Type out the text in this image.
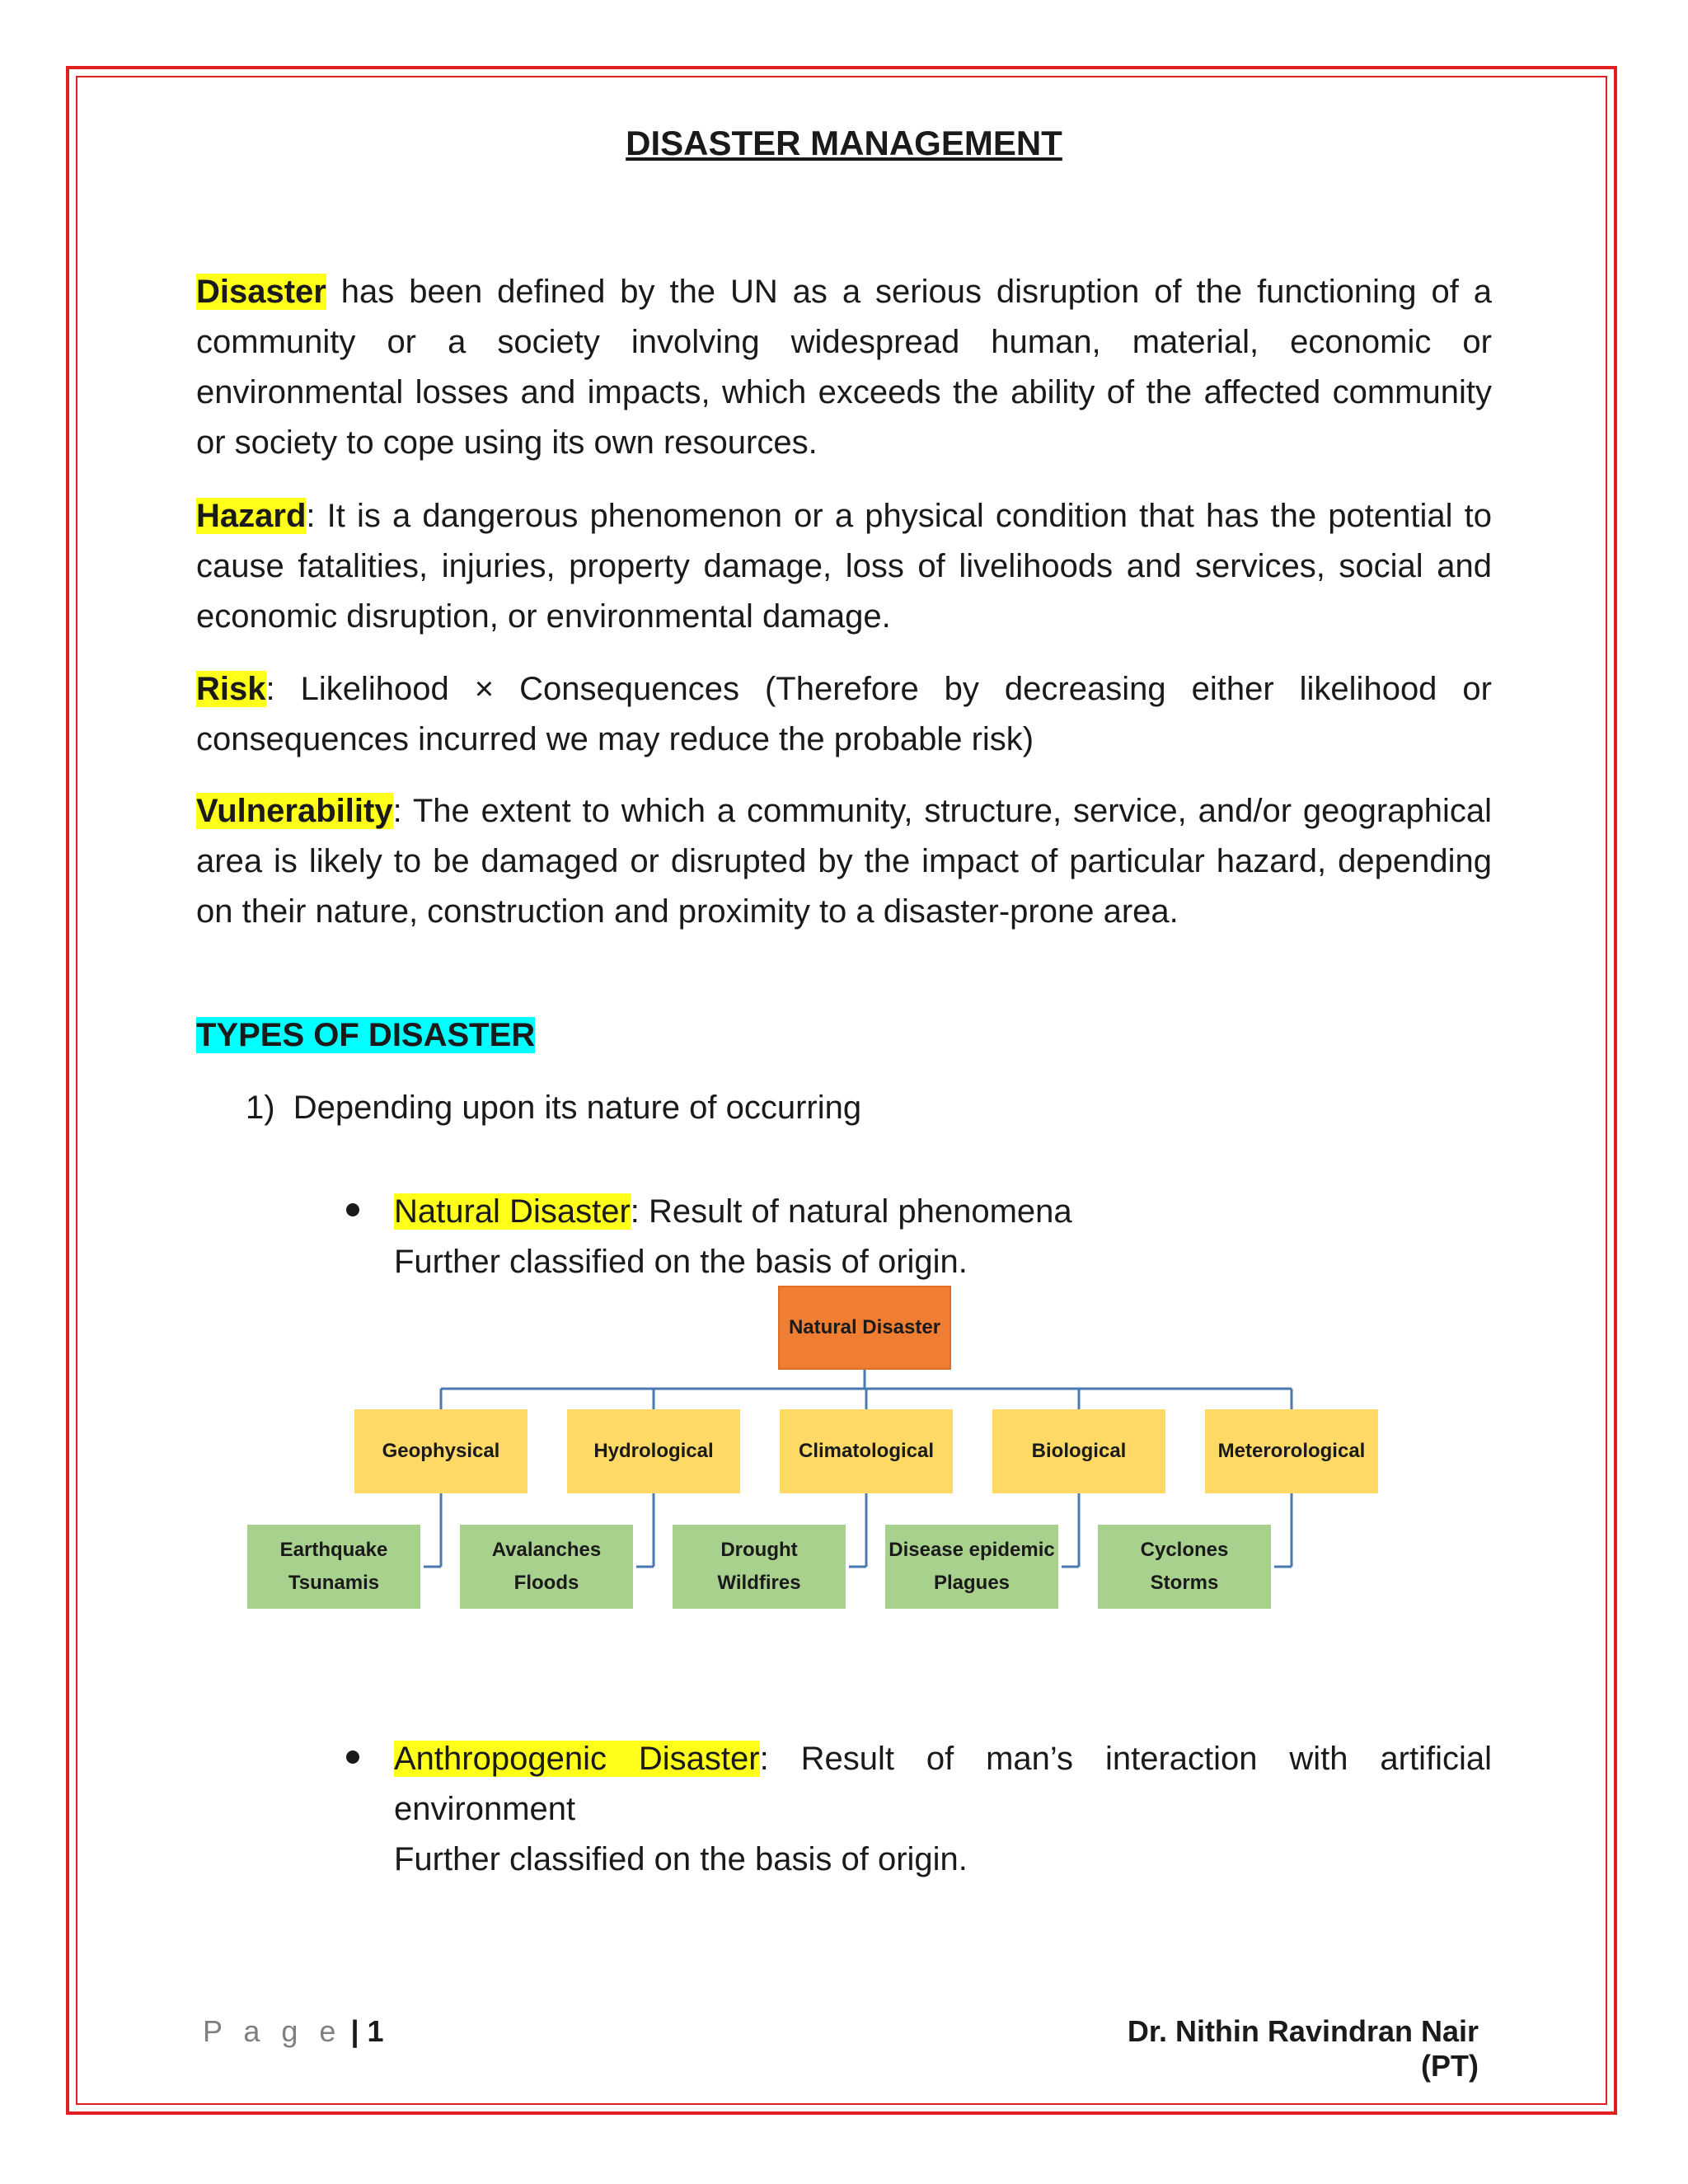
DISASTER MANAGEMENT

Disaster has been defined by the UN as a serious disruption of the functioning of a community or a society involving widespread human, material, economic or environmental losses and impacts, which exceeds the ability of the affected community or society to cope using its own resources.

Hazard: It is a dangerous phenomenon or a physical condition that has the potential to cause fatalities, injuries, property damage, loss of livelihoods and services, social and economic disruption, or environmental damage.

Risk: Likelihood × Consequences (Therefore by decreasing either likelihood or consequences incurred we may reduce the probable risk)

Vulnerability: The extent to which a community, structure, service, and/or geographical area is likely to be damaged or disrupted by the impact of particular hazard, depending on their nature, construction and proximity to a disaster-prone area.

TYPES OF DISASTER

1)  Depending upon its nature of occurring

Natural Disaster: Result of natural phenomena
Further classified on the basis of origin.

Natural Disaster
Geophysical
Earthquake
Tsunamis
Hydrological
Avalanches
Floods
Climatological
Drought
Wildfires
Biological
Disease epidemic
Plagues
Meterorological
Cyclones
Storms

Anthropogenic Disaster: Result of man’s interaction with artificial environment
Further classified on the basis of origin.

P a g e | 1	Dr. Nithin Ravindran Nair (PT)
